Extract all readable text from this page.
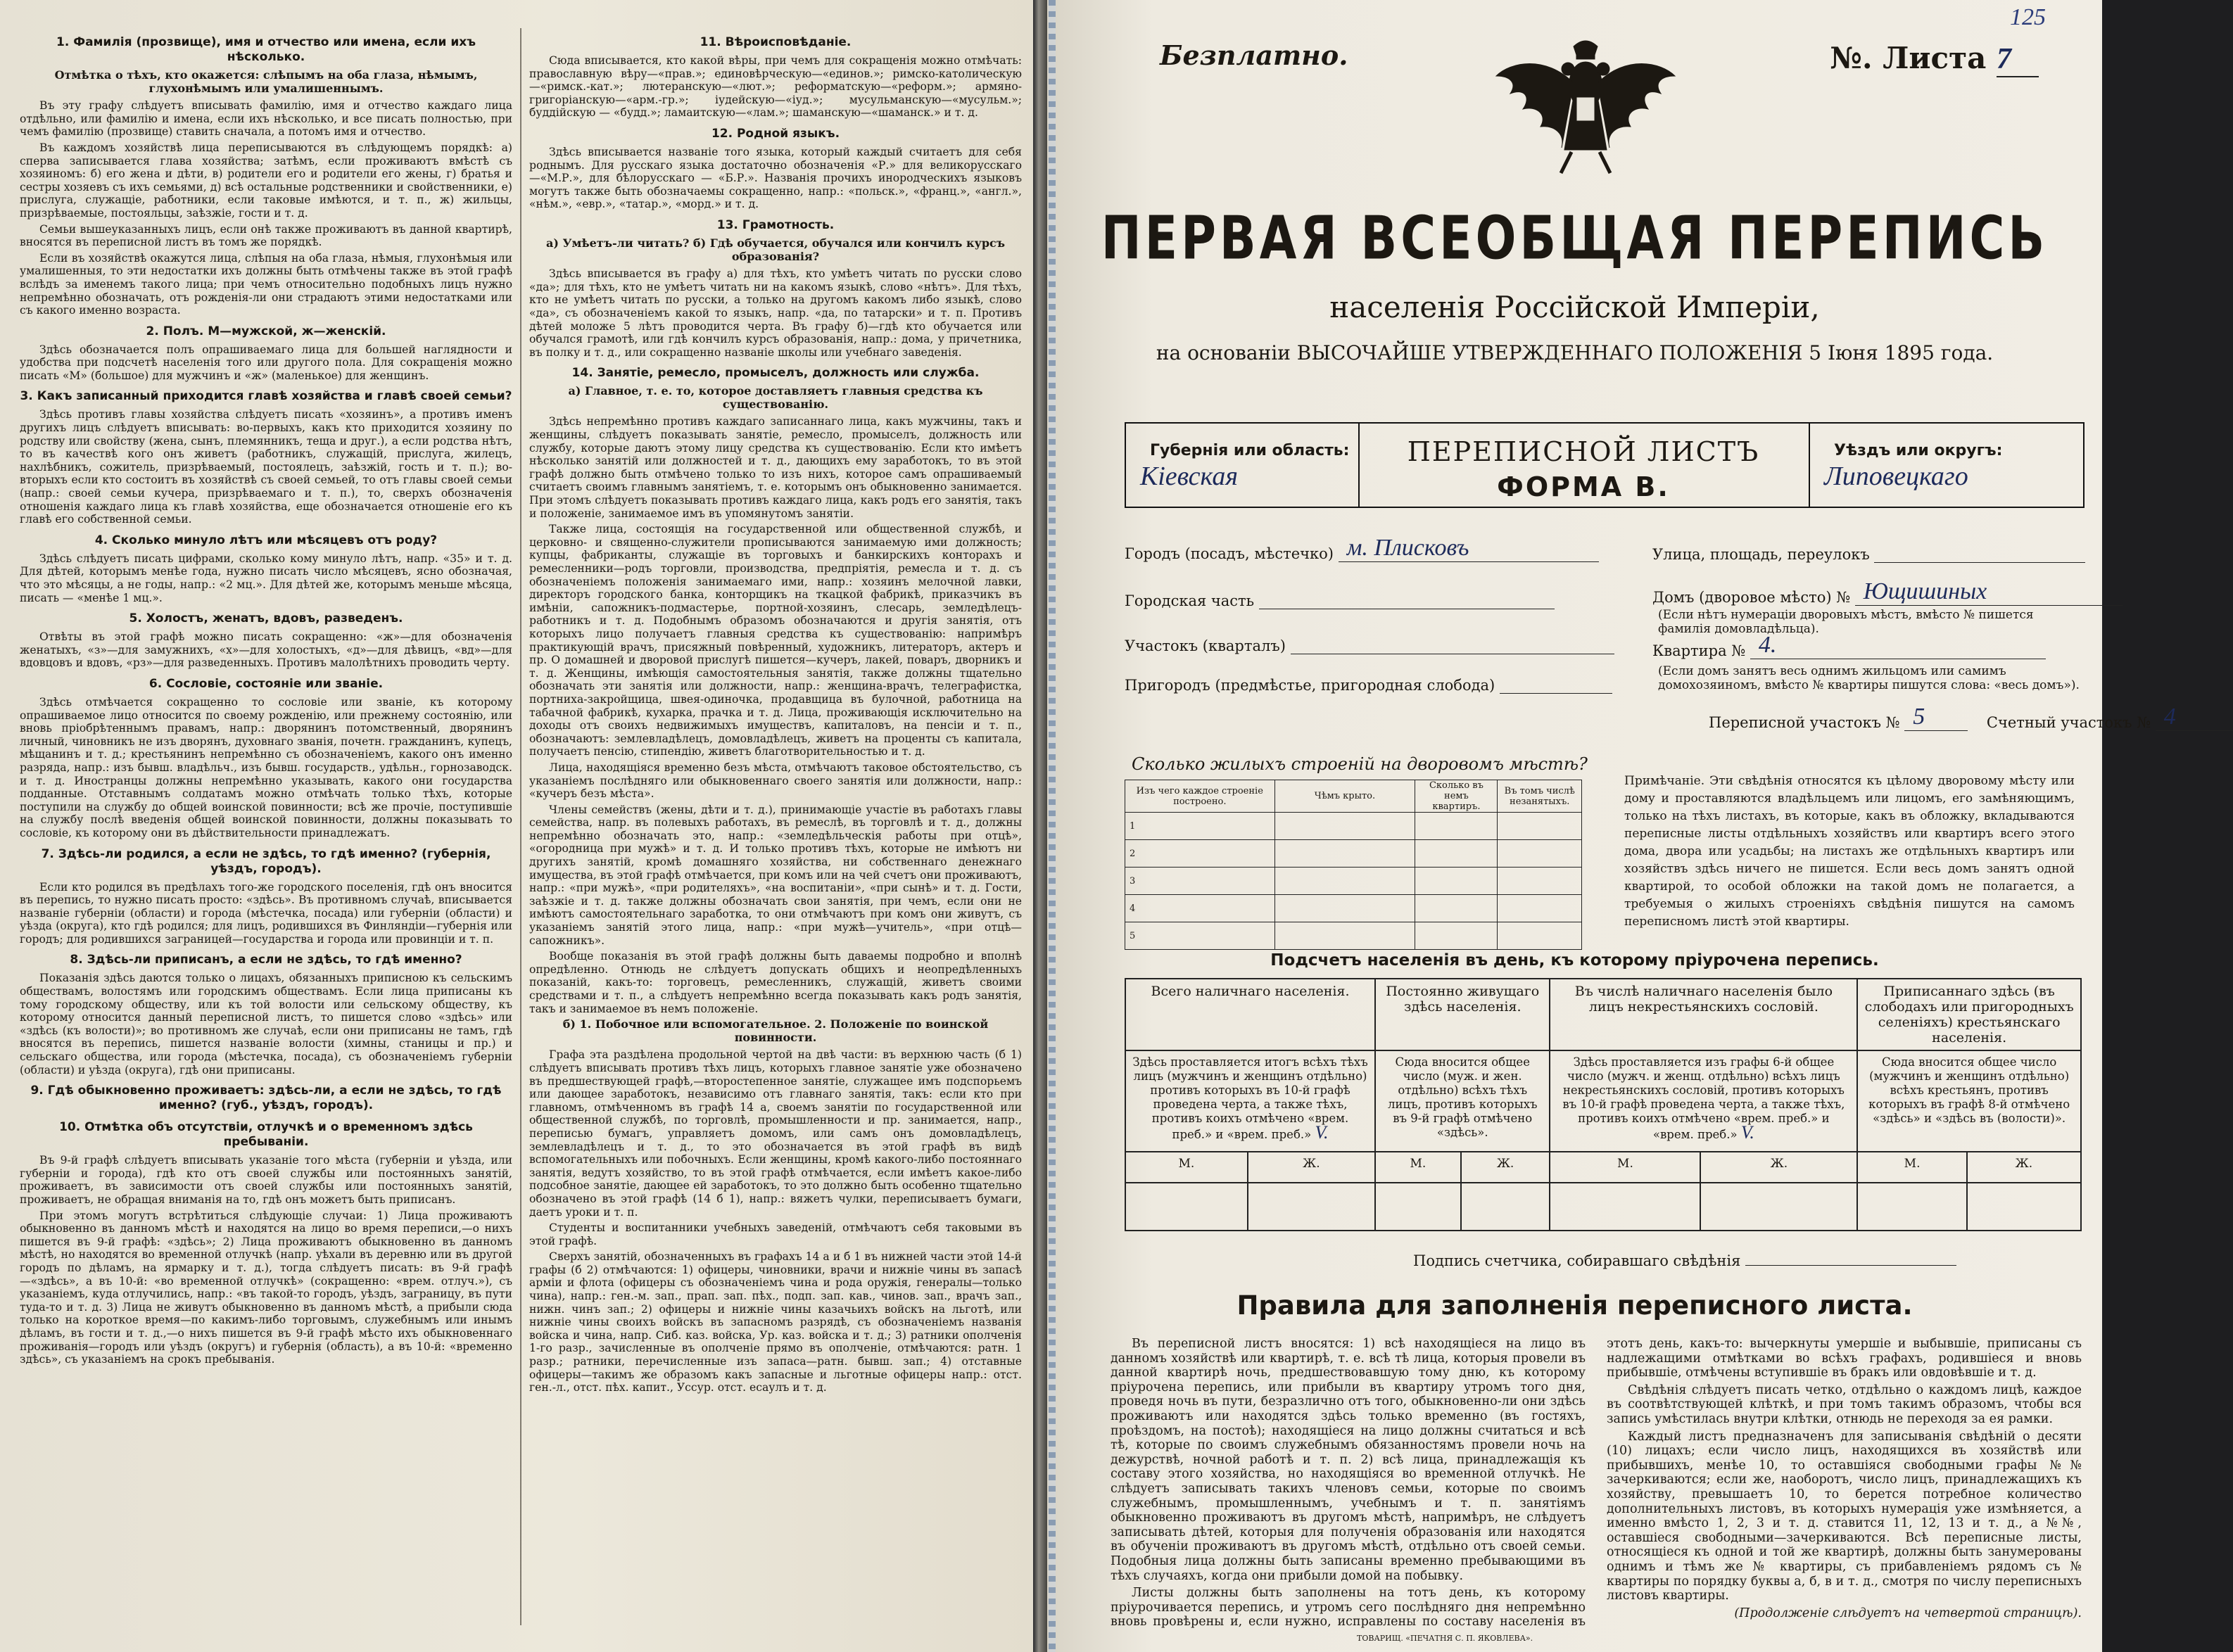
1. Фамилія (прозвище), имя и отчество или имена, если ихъ нѣсколько.
Отмѣтка о тѣхъ, кто окажется: слѣпымъ на оба глаза, нѣмымъ, глухонѣмымъ или умалишеннымъ.

Въ эту графу слѣдуетъ вписывать фамилію, имя и отчество каждаго лица отдѣльно, или фамилію и имена, если ихъ нѣсколько, и все писать полностью, при чемъ фамилію (прозвище) ставить сначала, а потомъ имя и отчество.

Въ каждомъ хозяйствѣ лица переписываются въ слѣдующемъ порядкѣ: а) сперва записывается глава хозяйства; затѣмъ, если проживаютъ вмѣстѣ съ хозяиномъ: б) его жена и дѣти, в) родители его и родители его жены, г) братья и сестры хозяевъ съ ихъ семьями, д) всѣ остальные родственники и свойственники, е) прислуга, служащіе, работники, если таковые имѣются, и т. п., ж) жильцы, призрѣваемые, постояльцы, заѣзжіе, гости и т. д.

Семьи вышеуказанныхъ лицъ, если онѣ также проживаютъ въ данной квартирѣ, вносятся въ переписной листъ въ томъ же порядкѣ.

Если въ хозяйствѣ окажутся лица, слѣпыя на оба глаза, нѣмыя, глухонѣмыя или умалишенныя, то эти недостатки ихъ должны быть отмѣчены также въ этой графѣ вслѣдъ за именемъ такого лица; при чемъ относительно подобныхъ лицъ нужно непремѣнно обозначать, отъ рожденія-ли они страдаютъ этими недостатками или съ какого именно возраста.

2. Полъ. М—мужской, ж—женскій.

Здѣсь обозначается полъ опрашиваемаго лица для большей наглядности и удобства при подсчетѣ населенія того или другого пола. Для сокращенія можно писать «М» (большое) для мужчинъ и «ж» (маленькое) для женщинъ.

3. Какъ записанный приходится главѣ хозяйства и главѣ своей семьи?

Здѣсь противъ главы хозяйства слѣдуетъ писать «хозяинъ», а противъ именъ другихъ лицъ слѣдуетъ вписывать: во-первыхъ, какъ кто приходится хозяину по родству или свойству (жена, сынъ, племянникъ, теща и друг.), а если родства нѣтъ, то въ качествѣ кого онъ живетъ (работникъ, служащій, прислуга, жилецъ, нахлѣбникъ, сожитель, призрѣваемый, постоялецъ, заѣзжій, гость и т. п.); во-вторыхъ если кто состоитъ въ хозяйствѣ съ своей семьей, то отъ главы своей семьи (напр.: своей семьи кучера, призрѣваемаго и т. п.), то, сверхъ обозначенія отношенія каждаго лица къ главѣ хозяйства, еще обозначается отношеніе его къ главѣ его собственной семьи.

4. Сколько минуло лѣтъ или мѣсяцевъ отъ роду?

Здѣсь слѣдуетъ писать цифрами, сколько кому минуло лѣтъ, напр. «35» и т. д. Для дѣтей, которымъ менѣе года, нужно писать число мѣсяцевъ, ясно обозначая, что это мѣсяцы, а не годы, напр.: «2 мц.». Для дѣтей же, которымъ меньше мѣсяца, писать — «менѣе 1 мц.».

5. Холостъ, женатъ, вдовъ, разведенъ.

Отвѣты въ этой графѣ можно писать сокращенно: «ж»—для обозначенія женатыхъ, «з»—для замужнихъ, «х»—для холостыхъ, «д»—для дѣвицъ, «вд»—для вдовцовъ и вдовъ, «рз»—для разведенныхъ. Противъ малолѣтнихъ проводить черту.

6. Сословіе, состояніе или званіе.

Здѣсь отмѣчается сокращенно то сословіе или званіе, къ которому опрашиваемое лицо относится по своему рожденію, или прежнему состоянію, или вновь пріобрѣтеннымъ правамъ, напр.: дворянинъ потомственный, дворянинъ личный, чиновникъ не изъ дворянъ, духовнаго званія, почетн. гражданинъ, купецъ, мѣщанинъ и т. д.; крестьянинъ непремѣнно съ обозначеніемъ, какого онъ именно разряда, напр.: изъ бывш. владѣльч., изъ бывш. государств., удѣльн., горнозаводск. и т. д. Иностранцы должны непремѣнно указывать, какого они государства подданные. Отставнымъ солдатамъ можно отмѣчать только тѣхъ, которые поступили на службу до общей воинской повинности; всѣ же прочіе, поступившіе на службу послѣ введенія общей воинской повинности, должны показывать то сословіе, къ которому они въ дѣйствительности принадлежатъ.

7. Здѣсь-ли родился, а если не здѣсь, то гдѣ именно? (губернія, уѣздъ, городъ).

Если кто родился въ предѣлахъ того-же городского поселенія, гдѣ онъ вносится въ перепись, то нужно писать просто: «здѣсь». Въ противномъ случаѣ, вписывается названіе губерніи (области) и города (мѣстечка, посада) или губерніи (области) и уѣзда (округа), кто гдѣ родился; для лицъ, родившихся въ Финляндіи—губернія или городъ; для родившихся заграницей—государства и города или провинціи и т. п.

8. Здѣсь-ли приписанъ, а если не здѣсь, то гдѣ именно?

Показанія здѣсь даются только о лицахъ, обязанныхъ приписною къ сельскимъ обществамъ, волостямъ или городскимъ обществамъ. Если лица приписаны къ тому городскому обществу, или къ той волости или сельскому обществу, къ которому относится данный переписной листъ, то пишется слово «здѣсь» или «здѣсь (къ волости)»; во противномъ же случаѣ, если они приписаны не тамъ, гдѣ вносятся въ перепись, пишется названіе волости (химны, станицы и пр.) и сельскаго общества, или города (мѣстечка, посада), съ обозначеніемъ губерніи (области) и уѣзда (округа), гдѣ они приписаны.

9. Гдѣ обыкновенно проживаетъ: здѣсь-ли, а если не здѣсь, то гдѣ именно? (губ., уѣздъ, городъ).
10. Отмѣтка объ отсутствіи, отлучкѣ и о временномъ здѣсь пребываніи.

Въ 9-й графѣ слѣдуетъ вписывать указаніе того мѣста (губерніи и уѣзда, или губерніи и города), гдѣ кто отъ своей службы или постоянныхъ занятій, проживаетъ, въ зависимости отъ своей службы или постоянныхъ занятій, проживаетъ, не обращая вниманія на то, гдѣ онъ можетъ быть приписанъ.

При этомъ могутъ встрѣтиться слѣдующіе случаи: 1) Лица проживаютъ обыкновенно въ данномъ мѣстѣ и находятся на лицо во время переписи,—о нихъ пишется въ 9-й графѣ: «здѣсь»; 2) Лица проживаютъ обыкновенно въ данномъ мѣстѣ, но находятся во временной отлучкѣ (напр. уѣхали въ деревню или въ другой городъ по дѣламъ, на ярмарку и т. д.), тогда слѣдуетъ писать: въ 9-й графѣ —«здѣсь», а въ 10-й: «во временной отлучкѣ» (сокращенно: «врем. отлуч.»), съ указаніемъ, куда отлучились, напр.: «въ такой-то городъ, уѣздъ, заграницу, въ пути туда-то и т. д. 3) Лица не живутъ обыкновенно въ данномъ мѣстѣ, а прибыли сюда только на короткое время—по какимъ-либо торговымъ, служебнымъ или инымъ дѣламъ, въ гости и т. д.,—о нихъ пишется въ 9-й графѣ мѣсто ихъ обыкновеннаго проживанія—городъ или уѣздъ (округъ) и губернія (область), а въ 10-й: «временно здѣсь», съ указаніемъ на срокъ пребыванія.

11. Вѣроисповѣданіе.

Сюда вписывается, кто какой вѣры, при чемъ для сокращенія можно отмѣчать: православную вѣру—«прав.»; единовѣрческую—«единов.»; римско-католическую—«римск.-кат.»; лютеранскую—«лют.»; реформатскую—«реформ.»; армяно-григоріанскую—«арм.-гр.»; іудейскую—«іуд.»; мусульманскую—«мусульм.»; буддійскую — «будд.»; ламаитскую—«лам.»; шаманскую—«шаманск.» и т. д.

12. Родной языкъ.

Здѣсь вписывается названіе того языка, который каждый считаетъ для себя роднымъ. Для русскаго языка достаточно обозначенія «Р.» для великорусскаго—«М.Р.», для бѣлорусскаго — «Б.Р.». Названія прочихъ инородческихъ языковъ могутъ также быть обозначаемы сокращенно, напр.: «польск.», «франц.», «англ.», «нѣм.», «евр.», «татар.», «морд.» и т. д.

13. Грамотность.
а) Умѣетъ-ли читать? б) Гдѣ обучается, обучался или кончилъ курсъ образованія?

Здѣсь вписывается въ графу а) для тѣхъ, кто умѣетъ читать по русски слово «да»; для тѣхъ, кто не умѣетъ читать ни на какомъ языкѣ, слово «нѣтъ». Для тѣхъ, кто не умѣетъ читать по русски, а только на другомъ какомъ либо языкѣ, слово «да», съ обозначеніемъ какой то языкъ, напр. «да, по татарски» и т. п. Противъ дѣтей моложе 5 лѣтъ проводится черта. Въ графу б)—гдѣ кто обучается или обучался грамотѣ, или гдѣ кончилъ курсъ образованія, напр.: дома, у причетника, въ полку и т. д., или сокращенно названіе школы или учебнаго заведенія.

14. Занятіе, ремесло, промыселъ, должность или служба.
а) Главное, т. е. то, которое доставляетъ главныя средства къ существованію.

Здѣсь непремѣнно противъ каждаго записаннаго лица, какъ мужчины, такъ и женщины, слѣдуетъ показывать занятіе, ремесло, промыселъ, должность или службу, которые даютъ этому лицу средства къ существованію. Если кто имѣетъ нѣсколько занятій или должностей и т. д., дающихъ ему заработокъ, то въ этой графѣ должно быть отмѣчено только то изъ нихъ, которое самъ опрашиваемый считаетъ своимъ главнымъ занятіемъ, т. е. которымъ онъ обыкновенно занимается. При этомъ слѣдуетъ показывать противъ каждаго лица, какъ родъ его занятія, такъ и положеніе, занимаемое имъ въ упомянутомъ занятіи.

Также лица, состоящія на государственной или общественной службѣ, и церковно- и священно-служители прописываются занимаемую ими должность; купцы, фабриканты, служащіе въ торговыхъ и банкирскихъ конторахъ и ремесленники—родъ торговли, производства, предпріятія, ремесла и т. д. съ обозначеніемъ положенія занимаемаго ими, напр.: хозяинъ мелочной лавки, директоръ городского банка, конторщикъ на ткацкой фабрикѣ, приказчикъ въ имѣніи, сапожникъ-подмастерье, портной-хозяинъ, слесарь, земледѣлецъ-работникъ и т. д. Подобнымъ образомъ обозначаются и другія занятія, отъ которыхъ лицо получаетъ главныя средства къ существованію: напримѣръ практикующій врачъ, присяжный повѣренный, художникъ, литераторъ, актеръ и пр. О домашней и дворовой прислугѣ пишется—кучеръ, лакей, поваръ, дворникъ и т. д. Женщины, имѣющія самостоятельныя занятія, также должны тщательно обозначать эти занятія или должности, напр.: женщина-врачъ, телеграфистка, портниха-закройщица, швея-одиночка, продавщица въ булочной, работница на табачной фабрикѣ, кухарка, прачка и т. д. Лица, проживающія исключительно на доходы отъ своихъ недвижимыхъ имуществъ, капиталовъ, на пенсіи и т. п., обозначаютъ: землевладѣлецъ, домовладѣлецъ, живетъ на проценты съ капитала, получаетъ пенсію, стипендію, живетъ благотворительностью и т. д.

Лица, находящіяся временно безъ мѣста, отмѣчаютъ таковое обстоятельство, съ указаніемъ послѣдняго или обыкновеннаго своего занятія или должности, напр.: «кучеръ безъ мѣста».

Члены семействъ (жены, дѣти и т. д.), принимающіе участіе въ работахъ главы семейства, напр. въ полевыхъ работахъ, въ ремеслѣ, въ торговлѣ и т. д., должны непремѣнно обозначать это, напр.: «земледѣльческія работы при отцѣ», «огородница при мужѣ» и т. д. И только противъ тѣхъ, которые не имѣютъ ни другихъ занятій, кромѣ домашняго хозяйства, ни собственнаго денежнаго имущества, въ этой графѣ отмѣчается, при комъ или на чей счетъ они проживаютъ, напр.: «при мужѣ», «при родителяхъ», «на воспитаніи», «при сынѣ» и т. д. Гости, заѣзжіе и т. д. также должны обозначать свои занятія, при чемъ, если они не имѣютъ самостоятельнаго заработка, то они отмѣчаютъ при комъ они живутъ, съ указаніемъ занятій этого лица, напр.: «при мужѣ—учитель», «при отцѣ—сапожникъ».

Вообще показанія въ этой графѣ должны быть даваемы подробно и вполнѣ опредѣленно. Отнюдь не слѣдуетъ допускать общихъ и неопредѣленныхъ показаній, какъ-то: торговецъ, ремесленникъ, служащій, живетъ своими средствами и т. п., а слѣдуетъ непремѣнно всегда показывать какъ родъ занятія, такъ и занимаемое въ немъ положеніе.

б) 1. Побочное или вспомогательное. 2. Положеніе по воинской повинности.

Графа эта раздѣлена продольной чертой на двѣ части: въ верхнюю часть (б 1) слѣдуетъ вписывать противъ тѣхъ лицъ, которыхъ главное занятіе уже обозначено въ предшествующей графѣ,—второстепенное занятіе, служащее имъ подспорьемъ или дающее заработокъ, независимо отъ главнаго занятія, такъ: если кто при главномъ, отмѣченномъ въ графѣ 14 а, своемъ занятіи по государственной или общественной службѣ, по торговлѣ, промышленности и пр. занимается, напр., переписью бумагъ, управляетъ домомъ, или самъ онъ домовладѣлецъ, землевладѣлецъ и т. д., то это обозначается въ этой графѣ въ видѣ вспомогательныхъ или побочныхъ. Если женщины, кромѣ какого-либо постояннаго занятія, ведутъ хозяйство, то въ этой графѣ отмѣчается, если имѣетъ какое-либо подсобное занятіе, дающее ей заработокъ, то это должно быть особенно тщательно обозначено въ этой графѣ (14 б 1), напр.: вяжетъ чулки, переписываетъ бумаги, даетъ уроки и т. п.

Студенты и воспитанники учебныхъ заведеній, отмѣчаютъ себя таковыми въ этой графѣ.

Сверхъ занятій, обозначенныхъ въ графахъ 14 а и б 1 въ нижней части этой 14-й графы (б 2) отмѣчаются: 1) офицеры, чиновники, врачи и нижніе чины въ запасѣ арміи и флота (офицеры съ обозначеніемъ чина и рода оружія, генералы—только чина), напр.: ген.-м. зап., прап. зап. пѣх., подп. зап. кав., чинов. зап., врачъ зап., нижн. чинъ зап.; 2) офицеры и нижніе чины казачьихъ войскъ на льготѣ, или нижніе чины своихъ войскъ въ запасномъ разрядѣ, съ обозначеніемъ названія войска и чина, напр. Сиб. каз. войска, Ур. каз. войска и т. д.; 3) ратники ополченія 1-го разр., зачисленные въ ополченіе прямо въ ополченіе, отмѣчаются: ратн. 1 разр.; ратники, перечисленные изъ запаса—ратн. бывш. зап.; 4) отставные офицеры—такимъ же образомъ какъ запасные и льготные офицеры напр.: отст. ген.-л., отст. пѣх. капит., Уссур. отст. есаулъ и т. д.

Безплатно.
125
№. Листа 7
ПЕРВАЯ ВСЕОБЩАЯ ПЕРЕПИСЬ
населенія Россійской Имперіи,
на основаніи ВЫСОЧАЙШЕ УТВЕРЖДЕННАГО ПОЛОЖЕНІЯ 5 Іюня 1895 года.
Губернія или область:
Кіевская
ПЕРЕПИСНОЙ ЛИСТЪ
ФОРМА В.
Уѣздъ или округъ:
Липовецкаго
Городъ (посадъ, мѣстечко) м. Плисковъ	Улица, площадь, переулокъ
Городская часть	Домъ (дворовое мѣсто) № Ющишиных
(Если нѣтъ нумераціи дворовыхъ мѣстъ, вмѣсто № пишется фамилія домовладѣльца).
Участокъ (кварталъ)	Квартира № 4.
(Если домъ занятъ весь однимъ жильцомъ или самимъ домохозяиномъ, вмѣсто № квартиры пишутся слова: «весь домъ»).
Пригородъ (предмѣстье, пригородная слобода)
Переписной участокъ № 5	Счетный участокъ № 4
Сколько жилыхъ строеній на дворовомъ мѣстѣ?
Изъ чего каждое строеніе построено.	Чѣмъ крыто.	Сколько въ немъ квартиръ.	Въ томъ числѣ незанятыхъ.
1			
2			
3			
4			
5			
Примѣчаніе. Эти свѣдѣнія относятся къ цѣлому дворовому мѣсту или дому и проставляются владѣльцемъ или лицомъ, его замѣняющимъ, только на тѣхъ листахъ, въ которые, какъ въ обложку, вкладываются переписные листы отдѣльныхъ хозяйствъ или квартиръ всего этого дома, двора или усадьбы; на листахъ же отдѣльныхъ квартиръ или хозяйствъ здѣсь ничего не пишется. Если весь домъ занятъ одной квартирой, то особой обложки на такой домъ не полагается, а требуемыя о жилыхъ строеніяхъ свѣдѣнія пишутся на самомъ переписномъ листѣ этой квартиры.
Подсчетъ населенія въ день, къ которому пріурочена перепись.
Всего наличнаго населенія.		Постоянно живущаго здѣсь населенія.		Въ числѣ наличнаго населенія было лицъ некрестьянскихъ сословій.		Приписаннаго здѣсь (въ слободахъ или пригородныхъ селеніяхъ) крестьянскаго населенія.	
Здѣсь проставляется итогъ всѣхъ тѣхъ лицъ (мужчинъ и женщинъ отдѣльно) противъ которыхъ въ 10-й графѣ проведена черта, а также тѣхъ, противъ коихъ отмѣчено «врем. преб.» и «врем. преб.» V.		Сюда вносится общее число (муж. и жен. отдѣльно) всѣхъ тѣхъ лицъ, противъ которыхъ въ 9-й графѣ отмѣчено «здѣсь».		Здѣсь проставляется изъ графы 6-й общее число (мужч. и женщ. отдѣльно) всѣхъ лицъ некрестьянскихъ сословій, противъ которыхъ въ 10-й графѣ проведена черта, а также тѣхъ, противъ коихъ отмѣчено «врем. преб.» и «врем. преб.» V.		Сюда вносится общее число (мужчинъ и женщинъ отдѣльно) всѣхъ крестьянъ, противъ которыхъ въ графѣ 8-й отмѣчено «здѣсь» и «здѣсь въ (волости)».	
М.	Ж.	М.	Ж.	М.	Ж.	М.	Ж.

Подпись счетчика, собиравшаго свѣдѣнія
Правила для заполненія переписного листа.

Въ переписной листъ вносятся: 1) всѣ находящіеся на лицо въ данномъ хозяйствѣ или квартирѣ, т. е. всѣ тѣ лица, которыя провели въ данной квартирѣ ночь, предшествовавшую тому дню, къ которому пріурочена перепись, или прибыли въ квартиру утромъ того дня, проведя ночь въ пути, безразлично отъ того, обыкновенно-ли они здѣсь проживаютъ или находятся здѣсь только временно (въ гостяхъ, проѣздомъ, на постоѣ); находящіеся на лицо должны считаться и всѣ тѣ, которые по своимъ служебнымъ обязанностямъ провели ночь на дежурствѣ, ночной работѣ и т. п. 2) всѣ лица, принадлежащія къ составу этого хозяйства, но находящіяся во временной отлучкѣ. Не слѣдуетъ записывать такихъ членовъ семьи, которые по своимъ служебнымъ, промышленнымъ, учебнымъ и т. п. занятіямъ обыкновенно проживаютъ въ другомъ мѣстѣ, напримѣръ, не слѣдуетъ записывать дѣтей, которыя для полученія образованія или находятся въ обученіи проживаютъ въ другомъ мѣстѣ, отдѣльно отъ своей семьи. Подобныя лица должны быть записаны временно пребывающими въ тѣхъ случаяхъ, когда они прибыли домой на побывку.

Листы должны быть заполнены на тотъ день, къ которому пріурочивается перепись, и утромъ сего послѣдняго дня непремѣнно вновь провѣрены и, если нужно, исправлены по составу населенія въ этотъ день, какъ-то: вычеркнуты умершіе и выбывшіе, приписаны съ надлежащими отмѣтками во всѣхъ графахъ, родившіеся и вновь прибывшіе, отмѣчены вступившіе въ бракъ или овдовѣвшіе и т. д.

Свѣдѣнія слѣдуетъ писать четко, отдѣльно о каждомъ лицѣ, каждое въ соотвѣтствующей клѣткѣ, и при томъ такимъ образомъ, чтобы вся запись умѣстилась внутри клѣтки, отнюдь не переходя за ея рамки.

Каждый листъ предназначенъ для записыванія свѣдѣній о десяти (10) лицахъ; если число лицъ, находящихся въ хозяйствѣ или прибывшихъ, менѣе 10, то оставшіяся свободными графы №№ зачеркиваются; если же, наоборотъ, число лицъ, принадлежащихъ къ хозяйству, превышаетъ 10, то берется потребное количество дополнительныхъ листовъ, въ которыхъ нумерація уже измѣняется, а именно вмѣсто 1, 2, 3 и т. д. ставится 11, 12, 13 и т. д., а №№, оставшіеся свободными—зачеркиваются. Всѣ переписные листы, относящіеся къ одной и той же квартирѣ, должны быть занумерованы однимъ и тѣмъ же № квартиры, съ прибавленіемъ рядомъ съ № квартиры по порядку буквы а, б, в и т. д., смотря по числу переписныхъ листовъ квартиры.

(Продолженіе слѣдуетъ на четвертой страницѣ).

ТОВАРИЩ. «ПЕЧАТНЯ С. П. ЯКОВЛЕВА».
